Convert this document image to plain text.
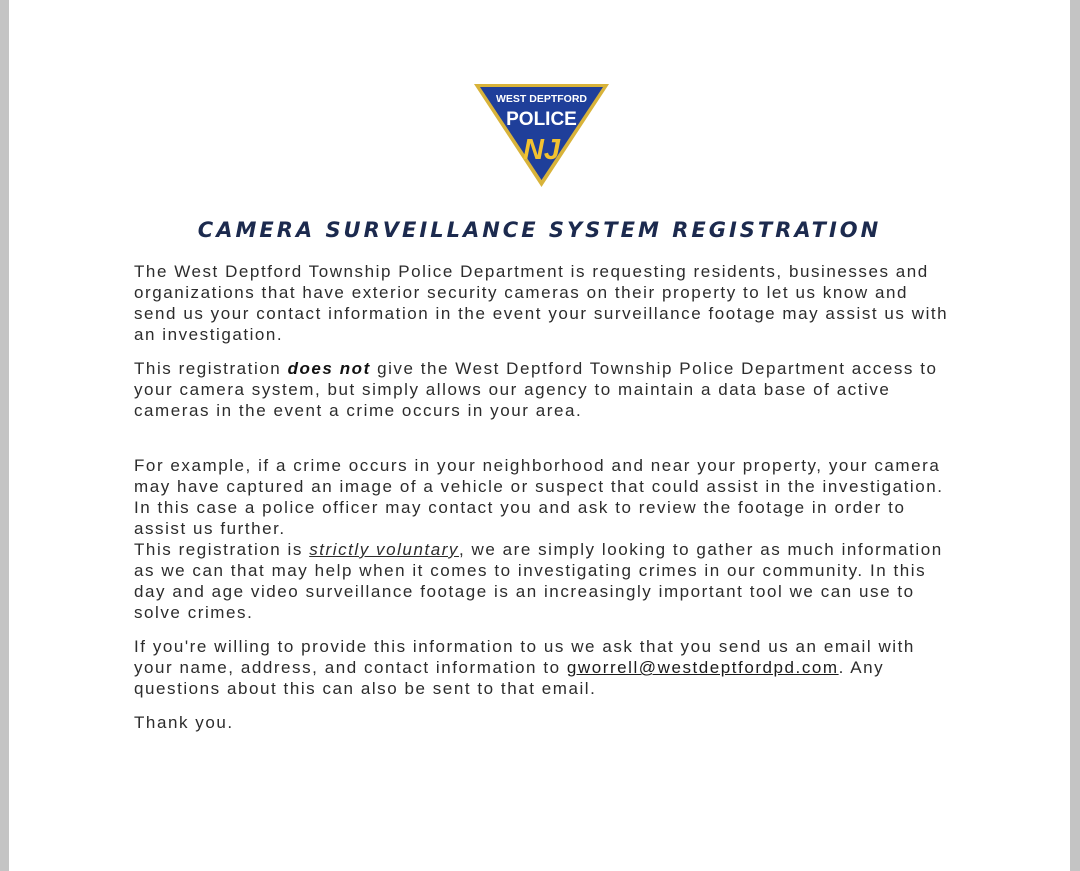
WEST DEPTFORD
POLICE
NJ
CAMERA SURVEILLANCE SYSTEM REGISTRATION

The West Deptford Township Police Department is requesting residents, businesses and organizations that have exterior security cameras on their property to let us know and send us your contact information in the event your surveillance footage may assist us with an investigation.

This registration does not give the West Deptford Township Police Department access to your camera system, but simply allows our agency to maintain a data base of active cameras in the event a crime occurs in your area.

For example, if a crime occurs in your neighborhood and near your property, your camera may have captured an image of a vehicle or suspect that could assist in the investigation. In this case a police officer may contact you and ask to review the footage in order to assist us further.

This registration is strictly voluntary, we are simply looking to gather as much information as we can that may help when it comes to investigating crimes in our community. In this day and age video surveillance footage is an increasingly important tool we can use to solve crimes.

If you're willing to provide this information to us we ask that you send us an email with your name, address, and contact information to gworrell@westdeptfordpd.com. Any questions about this can also be sent to that email.

Thank you.
